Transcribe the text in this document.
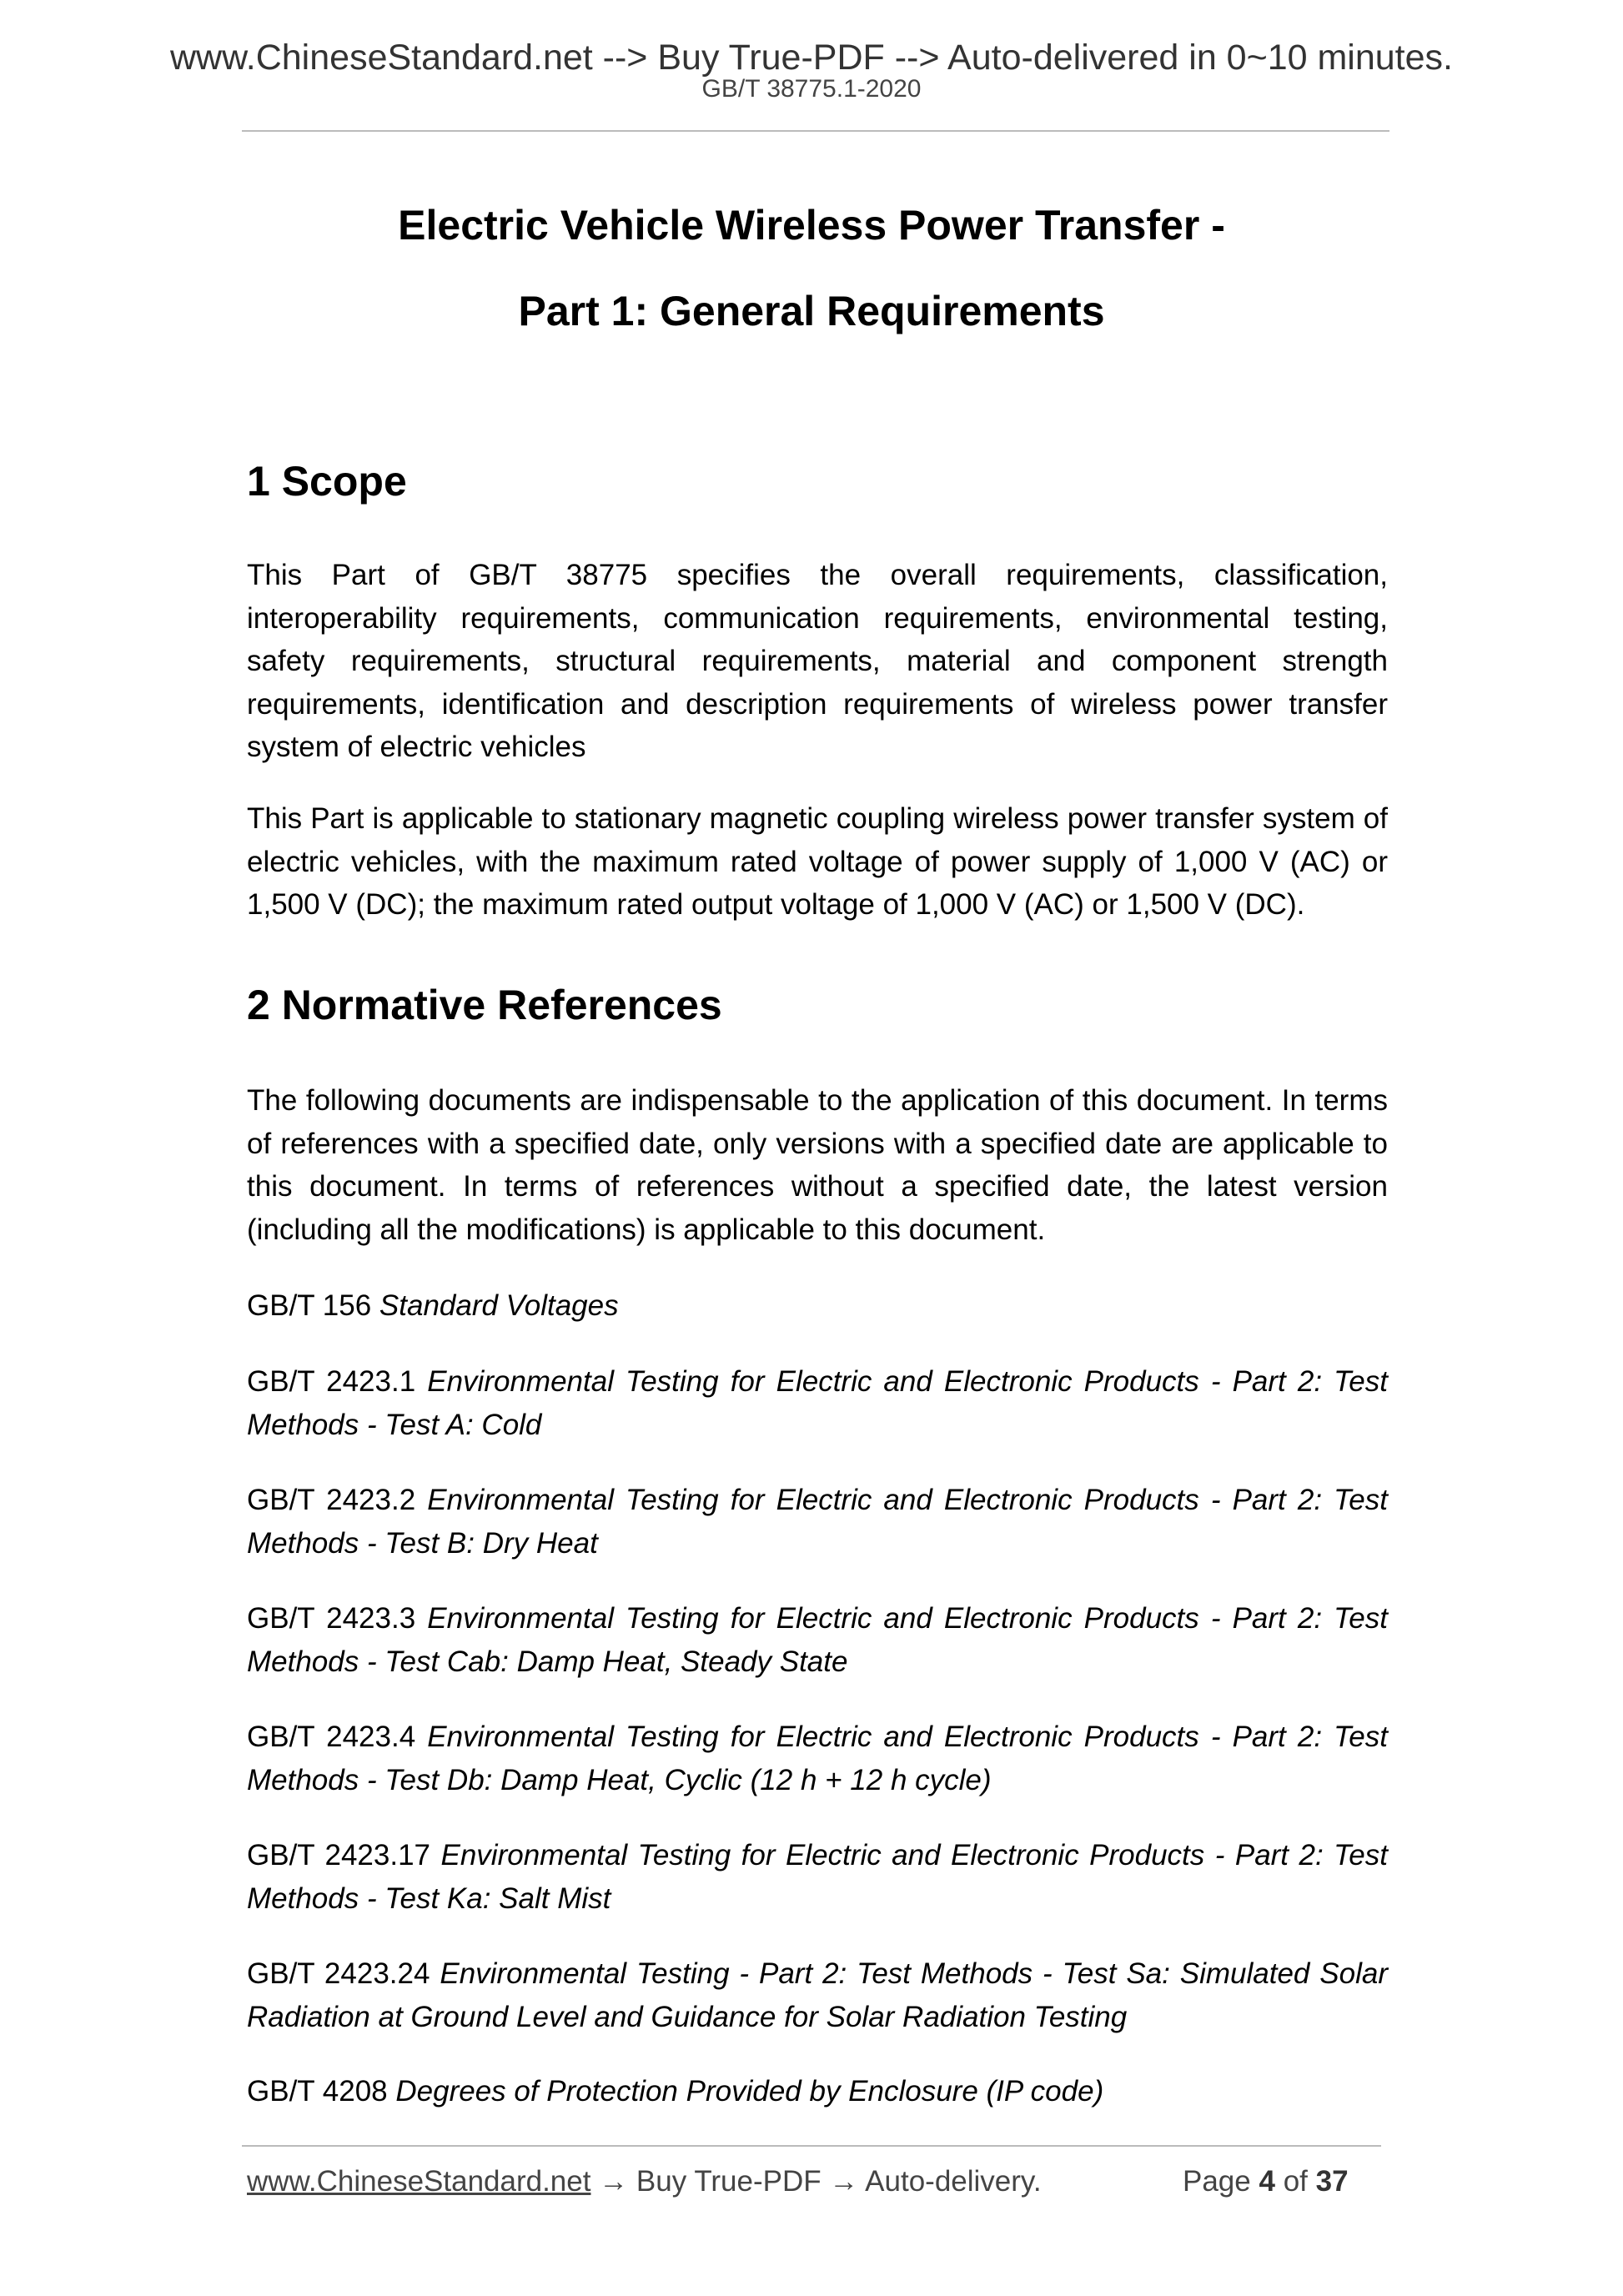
www.ChineseStandard.net --> Buy True-PDF --> Auto-delivered in 0~10 minutes.
GB/T 38775.1-2020
Electric Vehicle Wireless Power Transfer -
Part 1: General Requirements
1 Scope
This Part of GB/T 38775 specifies the overall requirements, classification, interoperability requirements, communication requirements, environmental testing, safety requirements, structural requirements, material and component strength requirements, identification and description requirements of wireless power transfer system of electric vehicles
This Part is applicable to stationary magnetic coupling wireless power transfer system of electric vehicles, with the maximum rated voltage of power supply of 1,000 V (AC) or 1,500 V (DC); the maximum rated output voltage of 1,000 V (AC) or 1,500 V (DC).
2 Normative References
The following documents are indispensable to the application of this document. In terms of references with a specified date, only versions with a specified date are applicable to this document. In terms of references without a specified date, the latest version (including all the modifications) is applicable to this document.
GB/T 156 Standard Voltages
GB/T 2423.1 Environmental Testing for Electric and Electronic Products - Part 2: Test Methods - Test A: Cold
GB/T 2423.2 Environmental Testing for Electric and Electronic Products - Part 2: Test Methods - Test B: Dry Heat
GB/T 2423.3 Environmental Testing for Electric and Electronic Products - Part 2: Test Methods - Test Cab: Damp Heat, Steady State
GB/T 2423.4 Environmental Testing for Electric and Electronic Products - Part 2: Test Methods - Test Db: Damp Heat, Cyclic (12 h + 12 h cycle)
GB/T 2423.17 Environmental Testing for Electric and Electronic Products - Part 2: Test Methods - Test Ka: Salt Mist
GB/T 2423.24 Environmental Testing - Part 2: Test Methods - Test Sa: Simulated Solar Radiation at Ground Level and Guidance for Solar Radiation Testing
GB/T 4208 Degrees of Protection Provided by Enclosure (IP code)
www.ChineseStandard.net → Buy True-PDF → Auto-delivery.	Page 4 of 37
